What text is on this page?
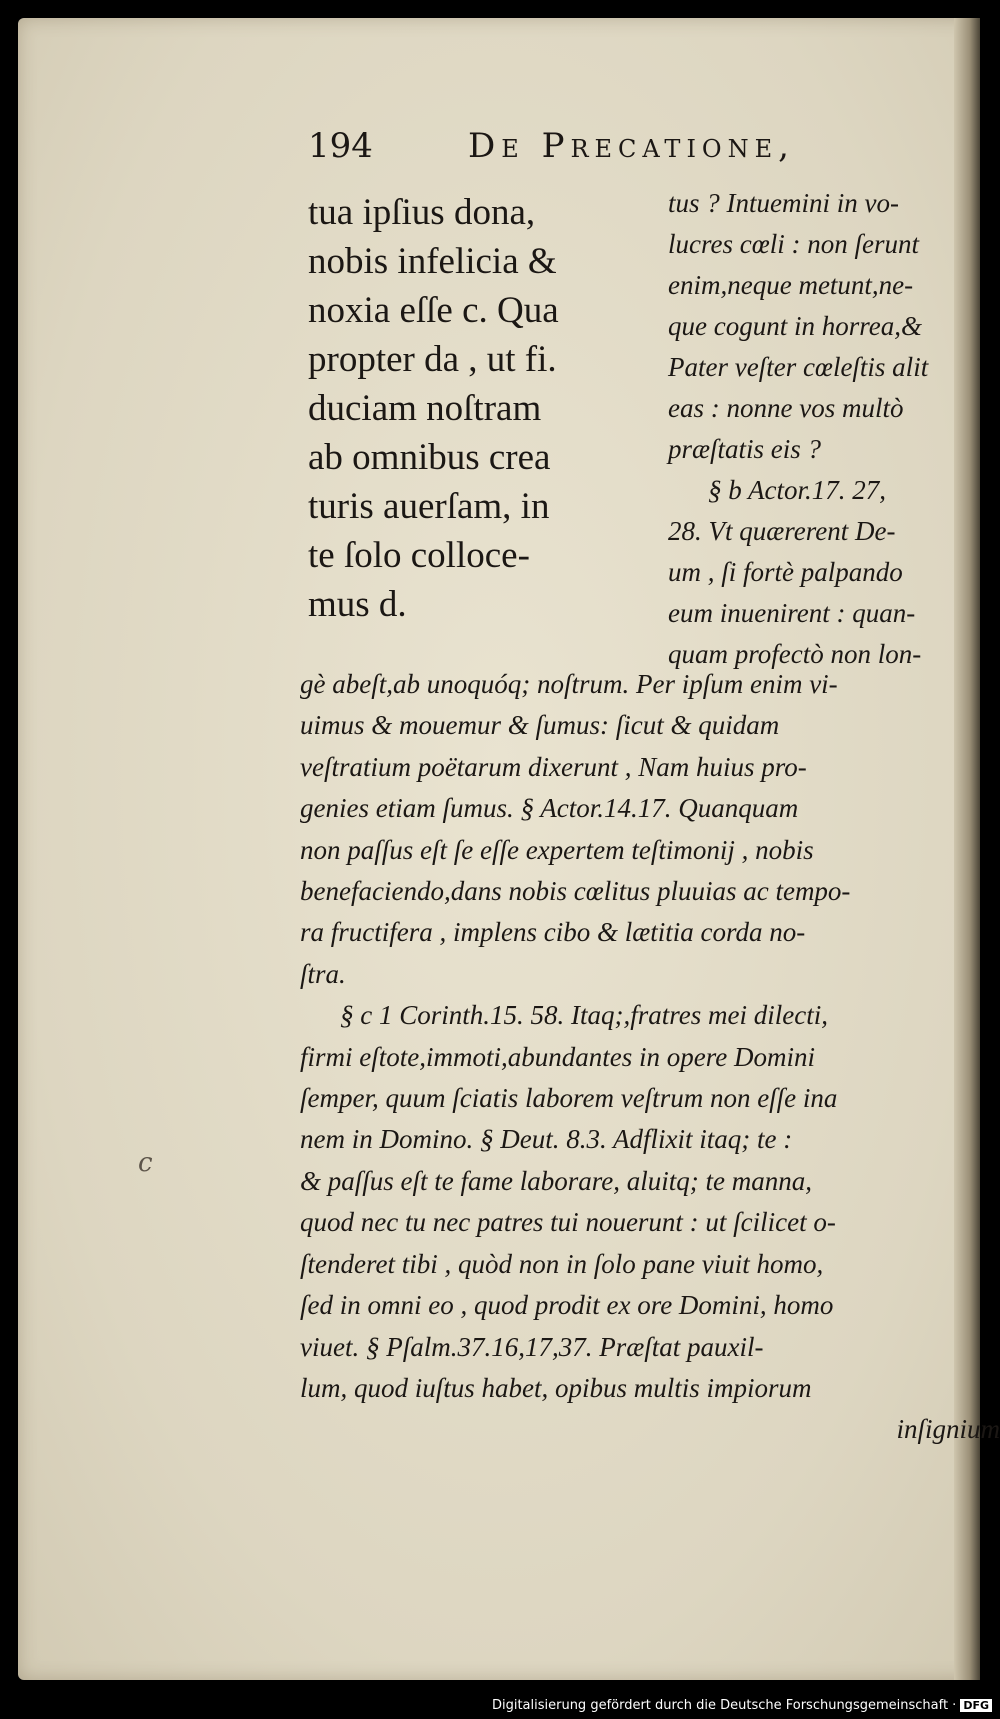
194	De Precatione,
tua ipſius dona,
nobis infelicia &
noxia eſſe c. Qua
propter da , ut fi.
duciam noſtram
ab omnibus crea
turis auerſam, in
te ſolo colloce-
mus d.
tus ? Intuemini in vo‑
lucres cœli : non ſerunt
enim,neque metunt,ne‑
que cogunt in horrea,&
Pater veſter cœleſtis alit
eas : nonne vos multò
præſtatis eis ?
§ b Actor.17. 27,
28. Vt quærerent De‑
um , ſi fortè palpando
eum inuenirent : quan‑
quam profectò non lon‑
gè abeſt,ab unoquóq; noſtrum. Per ipſum enim vi‑
uimus & mouemur & ſumus: ſicut & quidam
veſtratium poëtarum dixerunt , Nam huius pro‑
genies etiam ſumus. § Actor.14.17. Quanquam
non paſſus eſt ſe eſſe expertem teſtimonij , nobis
benefaciendo,dans nobis cœlitus pluuias ac tempo‑
ra fructifera , implens cibo & lætitia corda no‑
ſtra.
§ c 1 Corinth.15. 58. Itaq;,fratres mei dilecti,
firmi eſtote,immoti,abundantes in opere Domini
ſemper, quum ſciatis laborem veſtrum non eſſe ina
nem in Domino. § Deut. 8.3. Adflixit itaq; te :
& paſſus eſt te fame laborare, aluitq; te manna,
quod nec tu nec patres tui nouerunt : ut ſcilicet o‑
ſtenderet tibi , quòd non in ſolo pane viuit homo,
ſed in omni eo , quod prodit ex ore Domini, homo
viuet. § Pſalm.37.16,17,37. Præſtat pauxil‑
lum, quod iuſtus habet, opibus multis impiorum
inſignium
c
Digitalisierung gefördert durch die Deutsche Forschungsgemeinschaft · DFG
